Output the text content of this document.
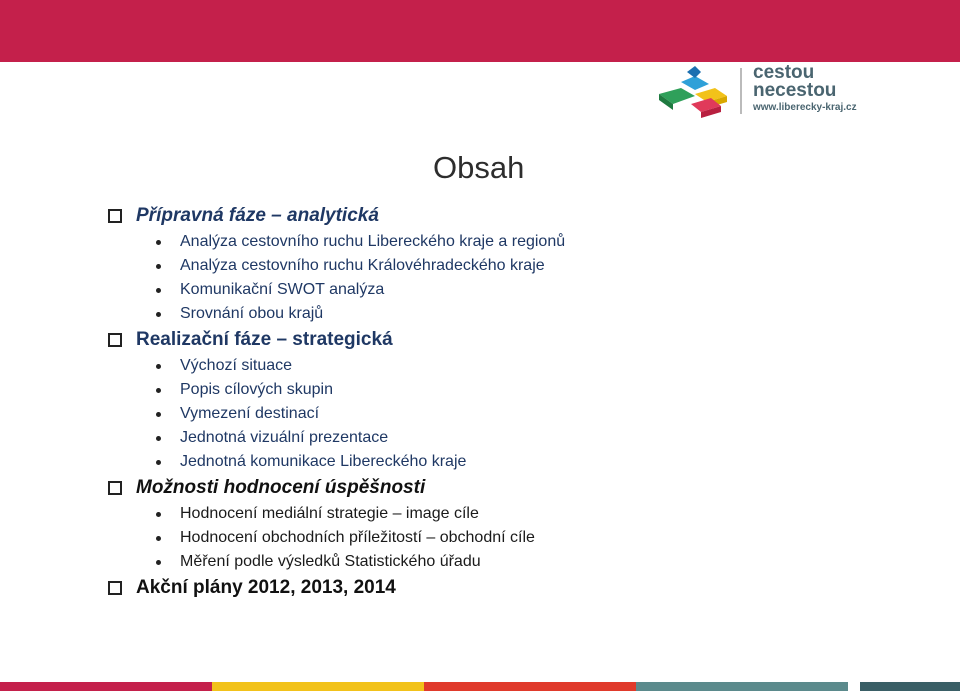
cestou
necestou
www.liberecky-kraj.cz
Obsah
Přípravná fáze – analytická
Analýza cestovního ruchu Libereckého kraje a regionů
Analýza cestovního ruchu Královéhradeckého kraje
Komunikační SWOT analýza
Srovnání obou krajů
Realizační fáze – strategická
Výchozí situace
Popis cílových skupin
Vymezení destinací
Jednotná vizuální prezentace
Jednotná komunikace Libereckého kraje
Možnosti hodnocení úspěšnosti
Hodnocení mediální strategie – image cíle
Hodnocení obchodních příležitostí – obchodní cíle
Měření podle výsledků Statistického úřadu
Akční plány 2012, 2013, 2014
